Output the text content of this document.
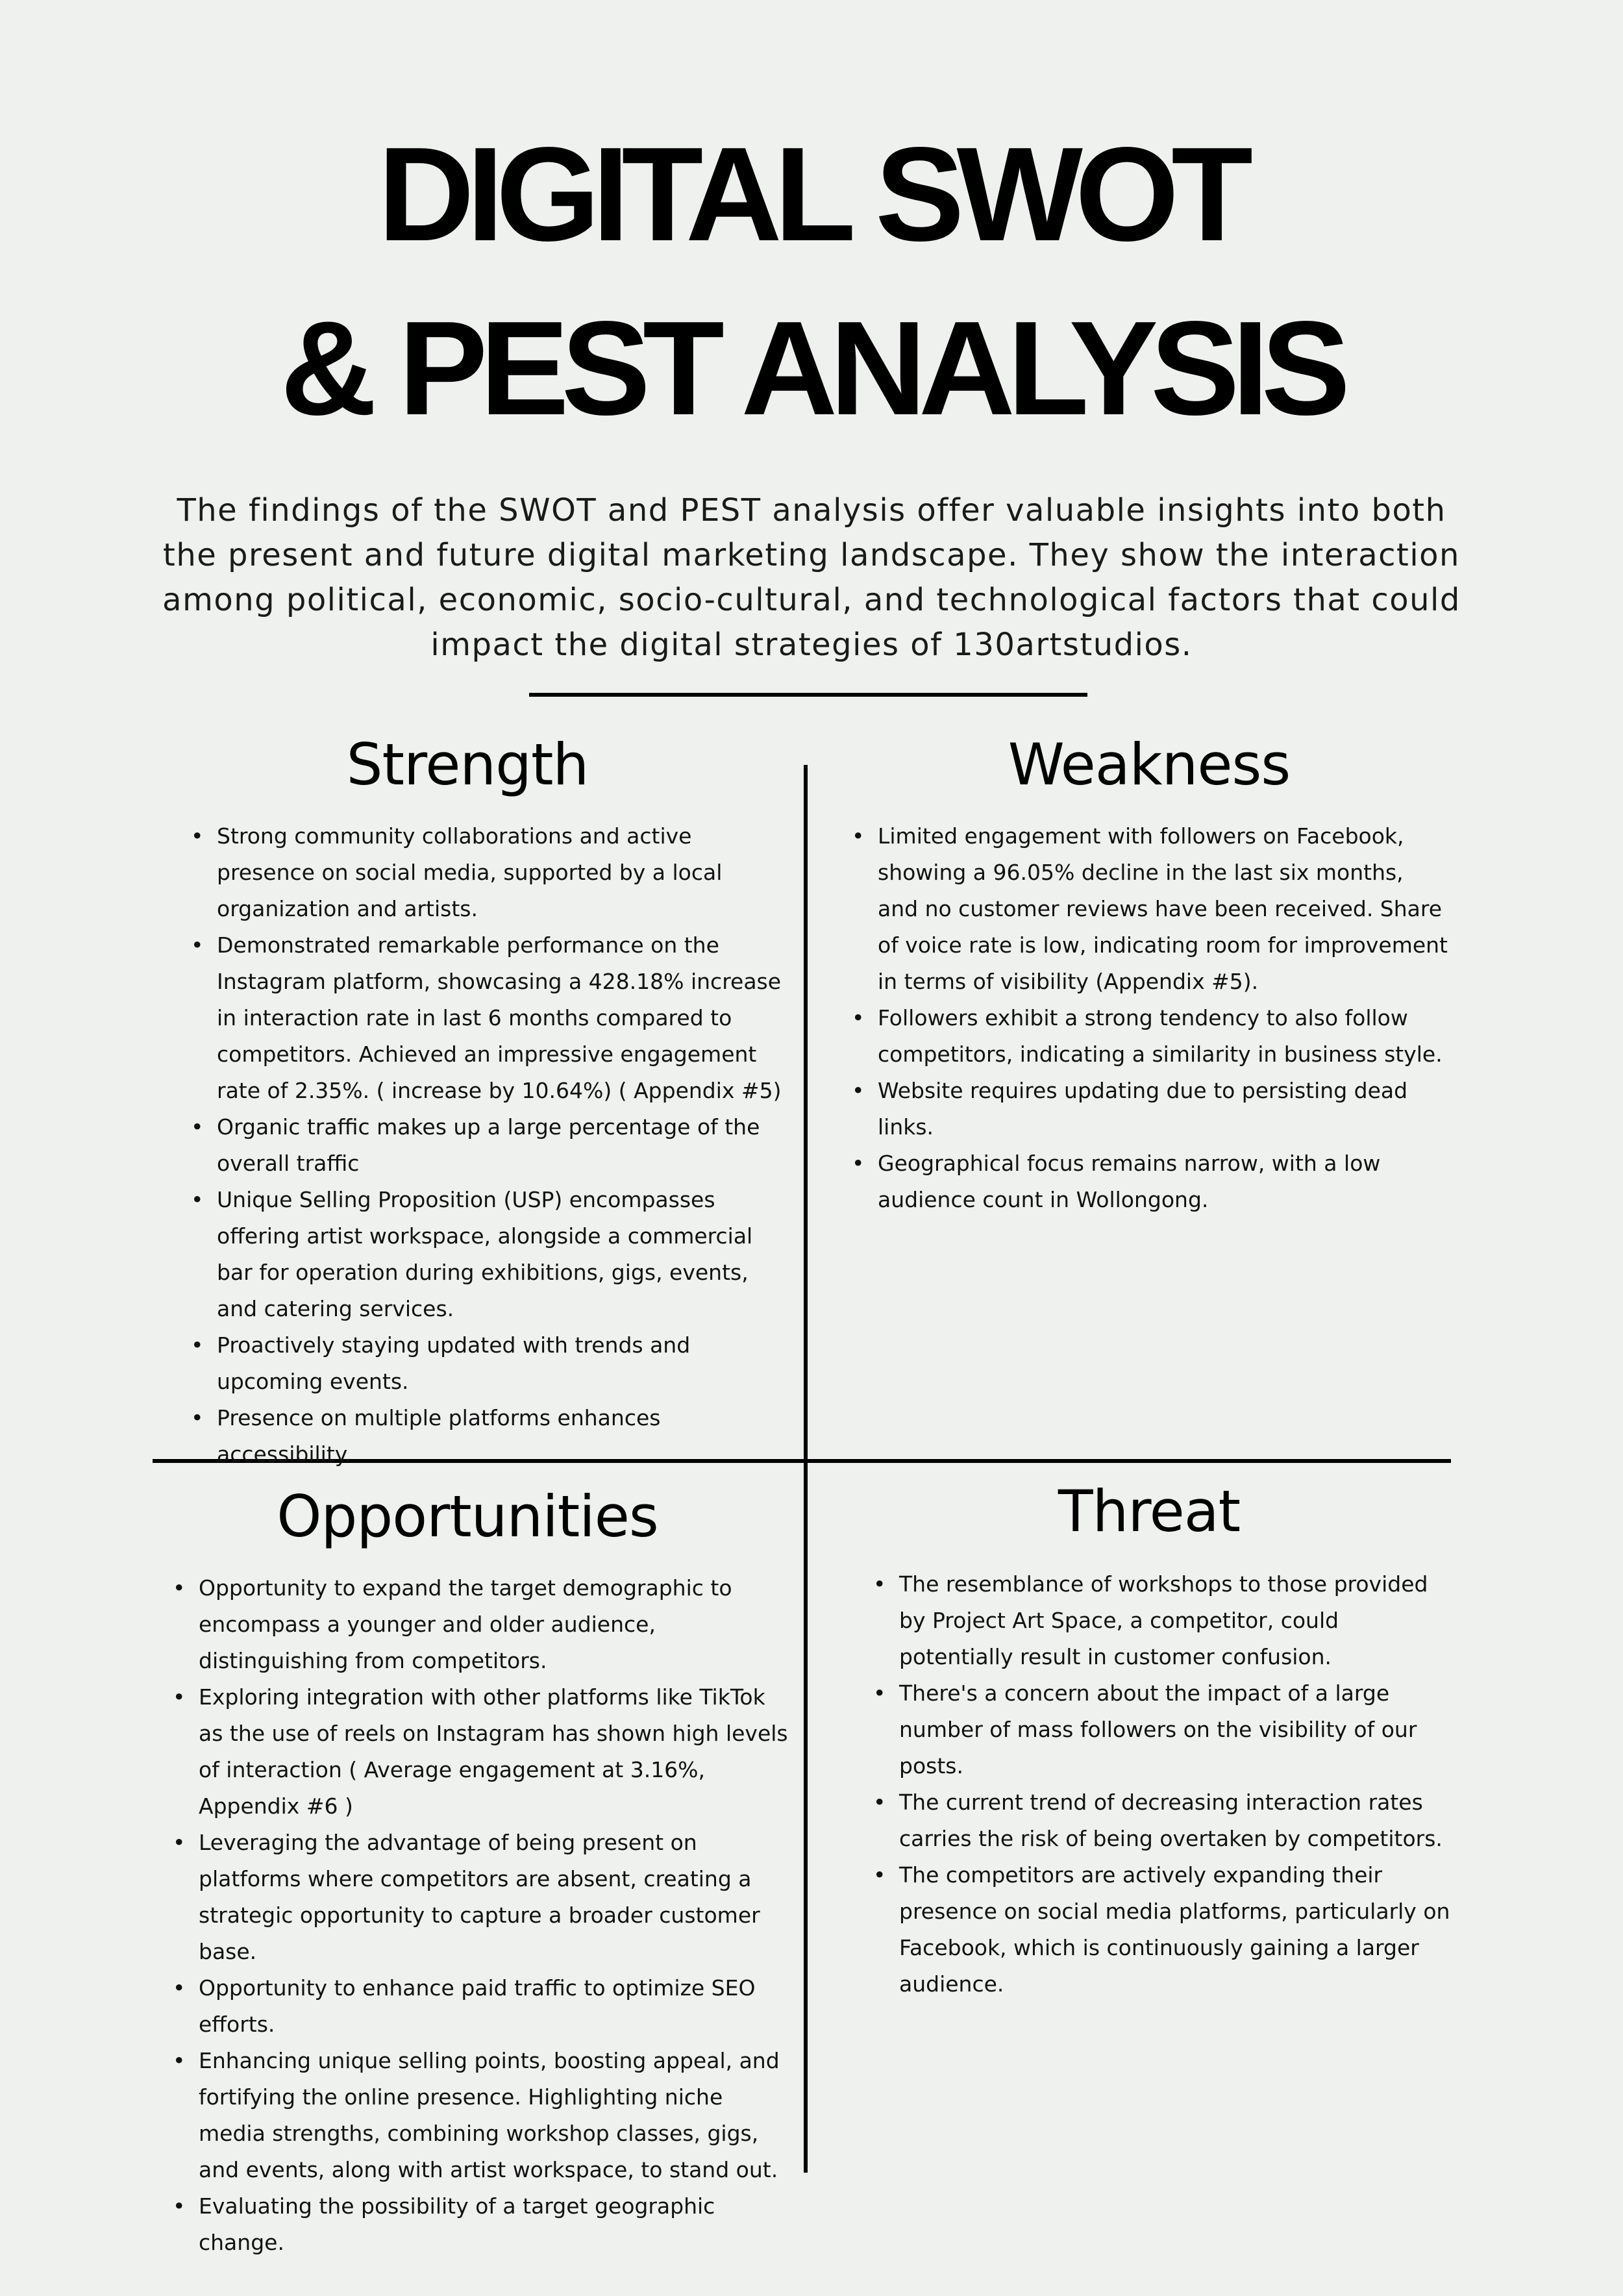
DIGITAL SWOT
& PEST ANALYSIS
The findings of the SWOT and PEST analysis offer valuable insights into both the present and future digital marketing landscape. They show the interaction among political, economic, socio-cultural, and technological factors that could impact the digital strategies of 130artstudios.
Strength
• Strong community collaborations and active presence on social media, supported by a local organization and artists.
• Demonstrated remarkable performance on the Instagram platform, showcasing a 428.18% increase in interaction rate in last 6 months compared to competitors. Achieved an impressive engagement rate of 2.35%. ( increase by 10.64%) ( Appendix #5)
• Organic traffic makes up a large percentage of the overall traffic
• Unique Selling Proposition (USP) encompasses offering artist workspace, alongside a commercial bar for operation during exhibitions, gigs, events, and catering services.
• Proactively staying updated with trends and upcoming events.
• Presence on multiple platforms enhances accessibility.
Weakness
• Limited engagement with followers on Facebook, showing a 96.05% decline in the last six months, and no customer reviews have been received. Share of voice rate is low, indicating room for improvement in terms of visibility (Appendix #5).
• Followers exhibit a strong tendency to also follow competitors, indicating a similarity in business style.
• Website requires updating due to persisting dead links.
• Geographical focus remains narrow, with a low audience count in Wollongong.
Opportunities
• Opportunity to expand the target demographic to encompass a younger and older audience, distinguishing from competitors.
• Exploring integration with other platforms like TikTok as the use of reels on Instagram has shown high levels of interaction ( Average engagement at 3.16%, Appendix #6 )
• Leveraging the advantage of being present on platforms where competitors are absent, creating a strategic opportunity to capture a broader customer base.
• Opportunity to enhance paid traffic to optimize SEO efforts.
• Enhancing unique selling points, boosting appeal, and fortifying the online presence. Highlighting niche media strengths, combining workshop classes, gigs, and events, along with artist workspace, to stand out.
• Evaluating the possibility of a target geographic change.
Threat
• The resemblance of workshops to those provided by Project Art Space, a competitor, could potentially result in customer confusion.
• There's a concern about the impact of a large number of mass followers on the visibility of our posts.
• The current trend of decreasing interaction rates carries the risk of being overtaken by competitors.
• The competitors are actively expanding their presence on social media platforms, particularly on Facebook, which is continuously gaining a larger audience.
